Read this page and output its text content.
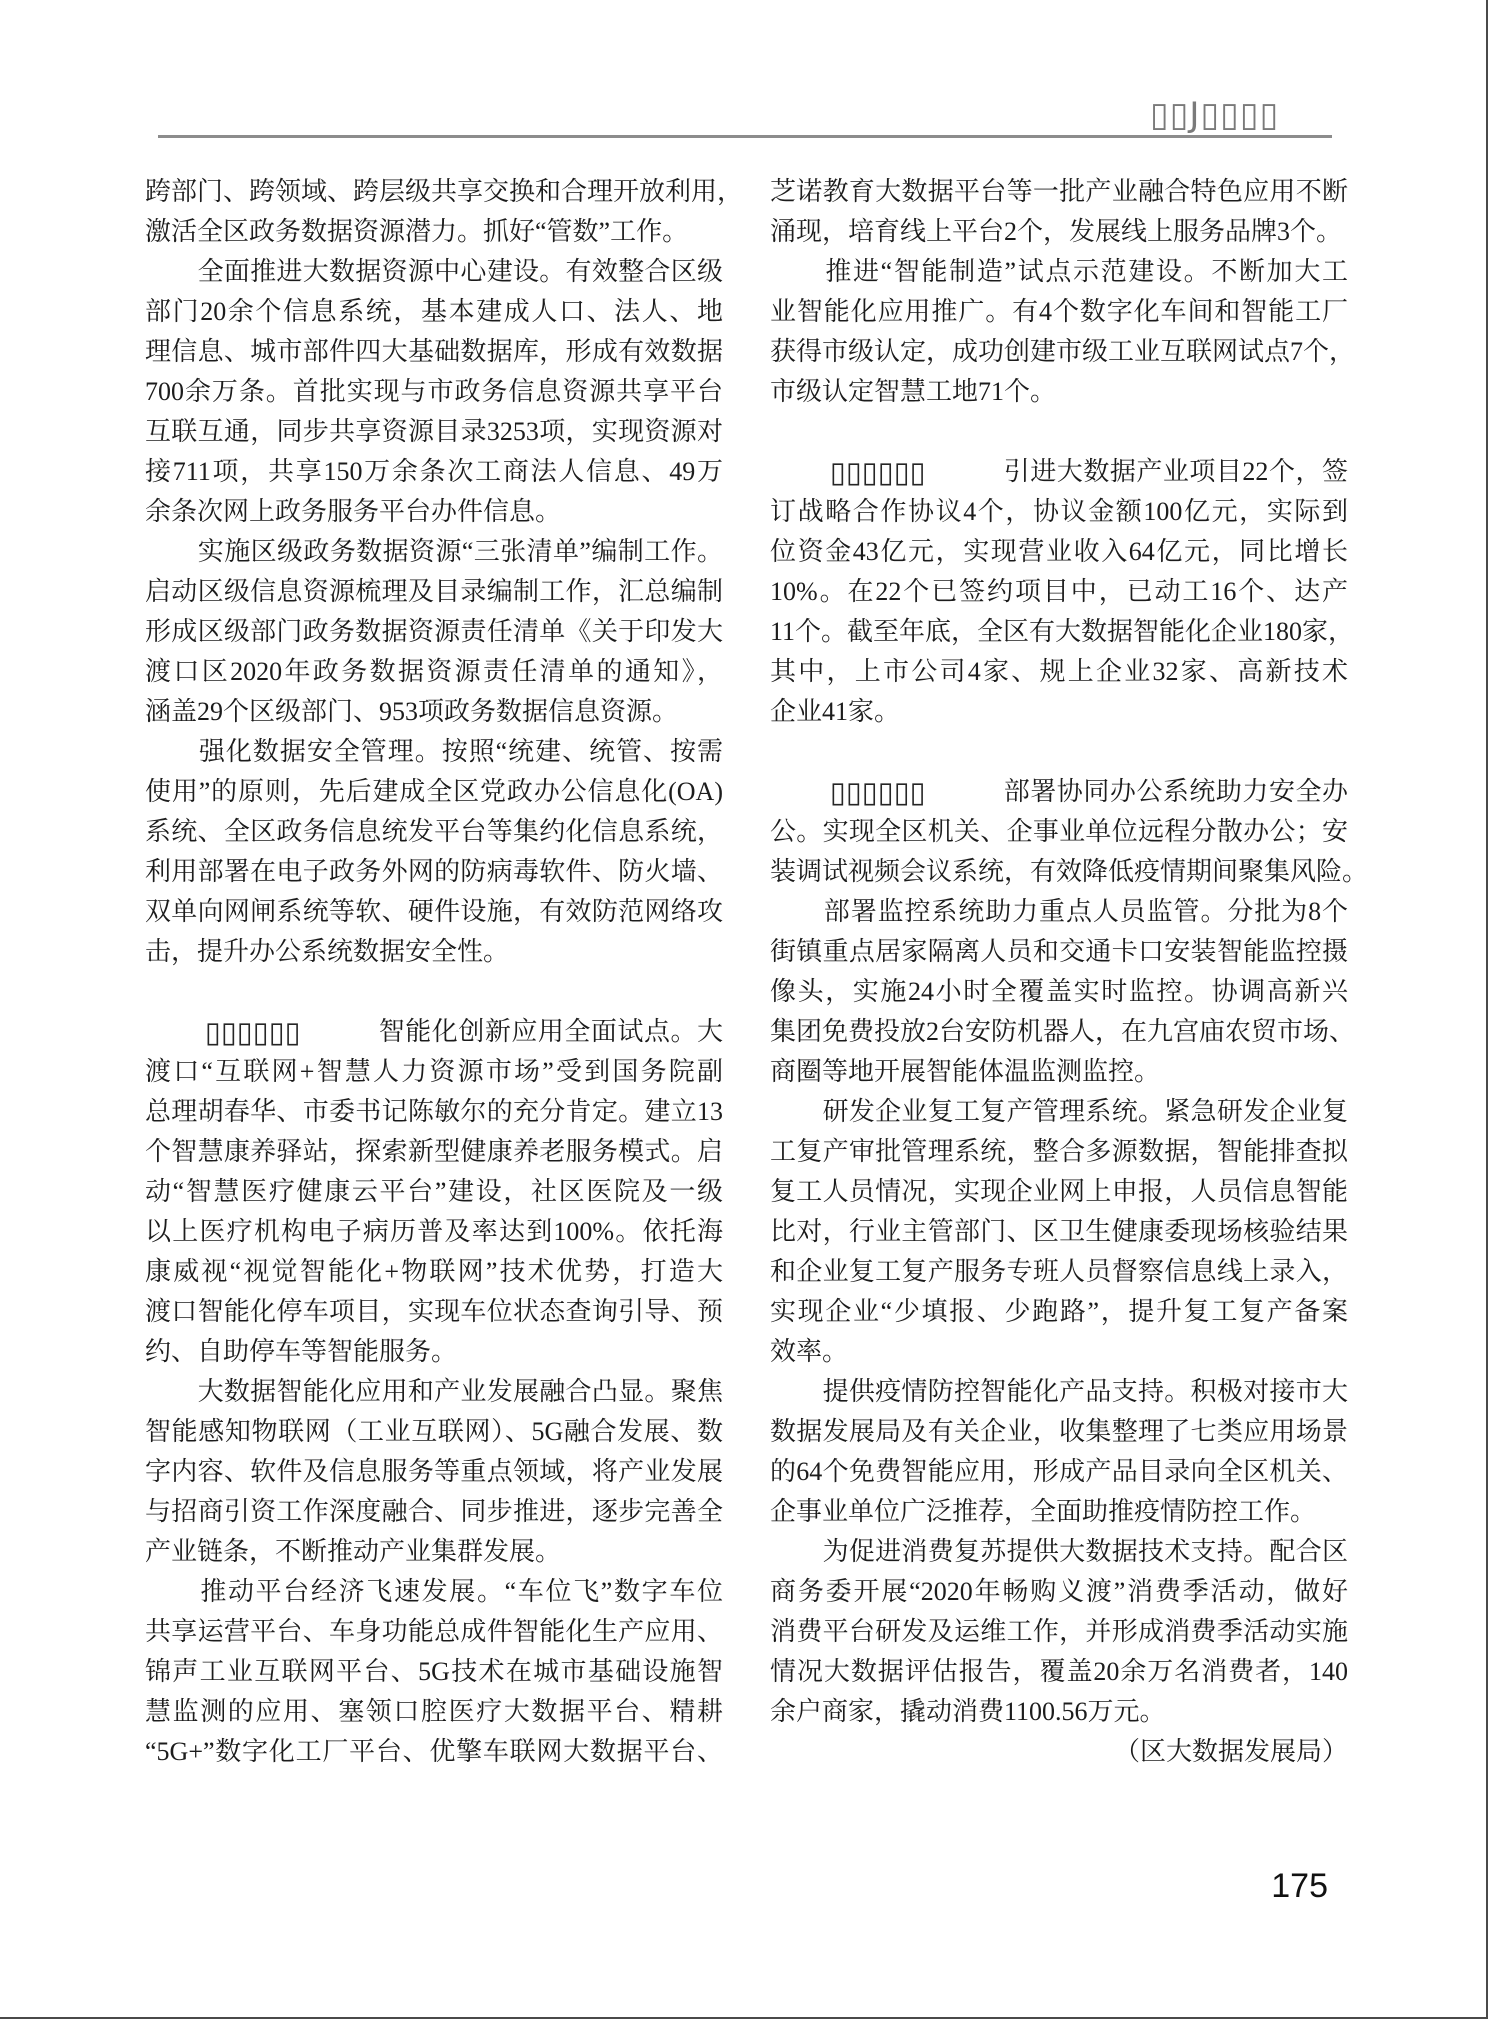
▯▯J▯▯▯▯
跨部门、跨领域、跨层级共享交换和合理开放利用，
激活全区政务数据资源潜力。抓好“管数”工作。
　　全面推进大数据资源中心建设。有效整合区级
部门20余个信息系统，基本建成人口、法人、地
理信息、城市部件四大基础数据库，形成有效数据
700余万条。首批实现与市政务信息资源共享平台
互联互通，同步共享资源目录3253项，实现资源对
接711项，共享150万余条次工商法人信息、49万
余条次网上政务服务平台办件信息。
　　实施区级政务数据资源“三张清单”编制工作。
启动区级信息资源梳理及目录编制工作，汇总编制
形成区级部门政务数据资源责任清单《关于印发大
渡口区2020年政务数据资源责任清单的通知》，
涵盖29个区级部门、953项政务数据信息资源。
　　强化数据安全管理。按照“统建、统管、按需
使用”的原则，先后建成全区党政办公信息化(OA)
系统、全区政务信息统发平台等集约化信息系统，
利用部署在电子政务外网的防病毒软件、防火墙、
双单向网闸系统等软、硬件设施，有效防范网络攻
击，提升办公系统数据安全性。
▯▯▯▯▯▯	智能化创新应用全面试点。大
渡口“互联网+智慧人力资源市场”受到国务院副
总理胡春华、市委书记陈敏尔的充分肯定。建立13
个智慧康养驿站，探索新型健康养老服务模式。启
动“智慧医疗健康云平台”建设，社区医院及一级
以上医疗机构电子病历普及率达到100%。依托海
康威视“视觉智能化+物联网”技术优势，打造大
渡口智能化停车项目，实现车位状态查询引导、预
约、自助停车等智能服务。
　　大数据智能化应用和产业发展融合凸显。聚焦
智能感知物联网（工业互联网）、5G融合发展、数
字内容、软件及信息服务等重点领域，将产业发展
与招商引资工作深度融合、同步推进，逐步完善全
产业链条，不断推动产业集群发展。
　　推动平台经济飞速发展。“车位飞”数字车位
共享运营平台、车身功能总成件智能化生产应用、
锦声工业互联网平台、5G技术在城市基础设施智
慧监测的应用、塞领口腔医疗大数据平台、精耕
“5G+”数字化工厂平台、优擎车联网大数据平台、
芝诺教育大数据平台等一批产业融合特色应用不断
涌现，培育线上平台2个，发展线上服务品牌3个。
　　推进“智能制造”试点示范建设。不断加大工
业智能化应用推广。有4个数字化车间和智能工厂
获得市级认定，成功创建市级工业互联网试点7个，
市级认定智慧工地71个。
▯▯▯▯▯▯	引进大数据产业项目22个，签
订战略合作协议4个，协议金额100亿元，实际到
位资金43亿元，实现营业收入64亿元，同比增长
10%。在22个已签约项目中，已动工16个、达产
11个。截至年底，全区有大数据智能化企业180家，
其中，上市公司4家、规上企业32家、高新技术
企业41家。
▯▯▯▯▯▯	部署协同办公系统助力安全办
公。实现全区机关、企事业单位远程分散办公；安
装调试视频会议系统，有效降低疫情期间聚集风险。
　　部署监控系统助力重点人员监管。分批为8个
街镇重点居家隔离人员和交通卡口安装智能监控摄
像头，实施24小时全覆盖实时监控。协调高新兴
集团免费投放2台安防机器人，在九宫庙农贸市场、
商圈等地开展智能体温监测监控。
　　研发企业复工复产管理系统。紧急研发企业复
工复产审批管理系统，整合多源数据，智能排查拟
复工人员情况，实现企业网上申报，人员信息智能
比对，行业主管部门、区卫生健康委现场核验结果
和企业复工复产服务专班人员督察信息线上录入，
实现企业“少填报、少跑路”，提升复工复产备案
效率。
　　提供疫情防控智能化产品支持。积极对接市大
数据发展局及有关企业，收集整理了七类应用场景
的64个免费智能应用，形成产品目录向全区机关、
企事业单位广泛推荐，全面助推疫情防控工作。
　　为促进消费复苏提供大数据技术支持。配合区
商务委开展“2020年畅购义渡”消费季活动，做好
消费平台研发及运维工作，并形成消费季活动实施
情况大数据评估报告，覆盖20余万名消费者，140
余户商家，撬动消费1100.56万元。
（区大数据发展局）
175
